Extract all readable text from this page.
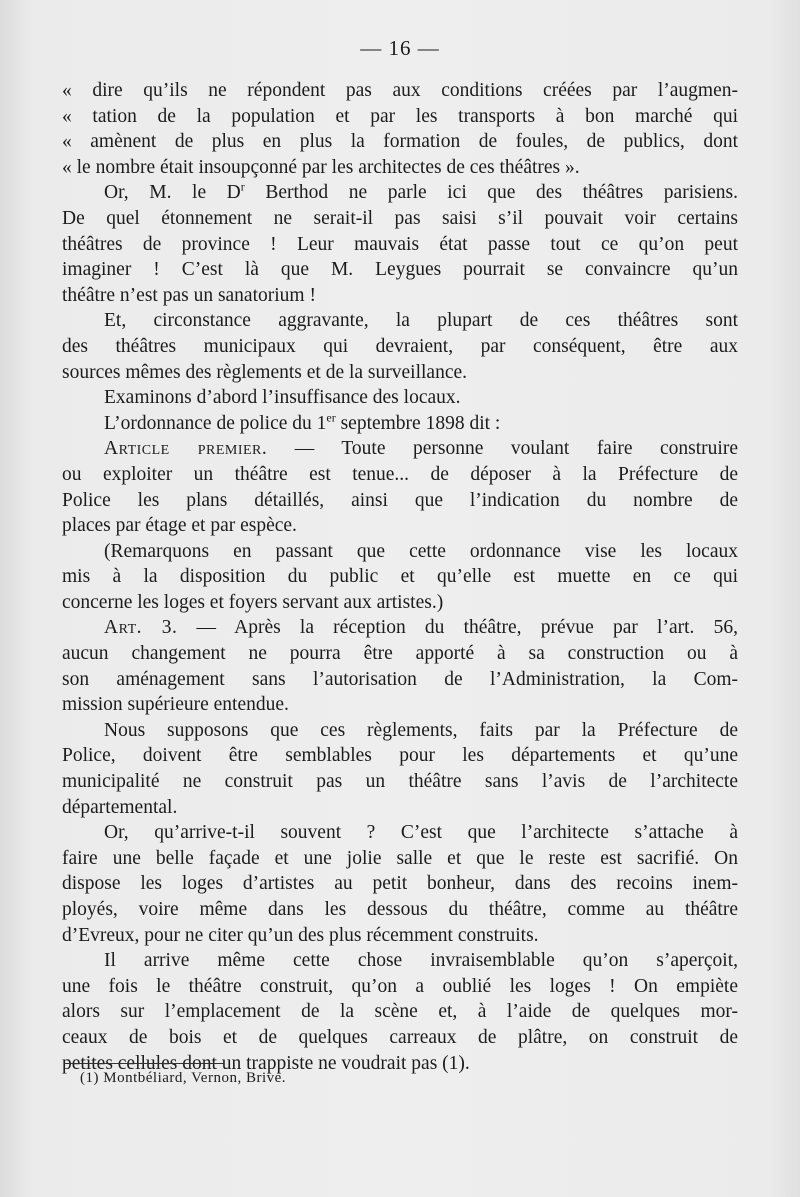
— 16 —
« dire qu’ils ne répondent pas aux conditions créées par l’augmen-
« tation de la population et par les transports à bon marché qui
« amènent de plus en plus la formation de foules, de publics, dont
« le nombre était insoupçonné par les architectes de ces théâtres ».
Or, M. le $D^r$ Berthod ne parle ici que des théâtres parisiens.
De quel étonnement ne serait-il pas saisi s’il pouvait voir certains
théâtres de province ! Leur mauvais état passe tout ce qu’on peut
imaginer ! C’est là que M. Leygues pourrait se convaincre qu’un
théâtre n’est pas un sanatorium !
Et, circonstance aggravante, la plupart de ces théâtres sont
des théâtres municipaux qui devraient, par conséquent, être aux
sources mêmes des règlements et de la surveillance.
Examinons d’abord l’insuffisance des locaux.
L’ordonnance de police du 1er septembre 1898 dit :
Article premier. — Toute personne voulant faire construire
ou exploiter un théâtre est tenue... de déposer à la Préfecture de
Police les plans détaillés, ainsi que l’indication du nombre de
places par étage et par espèce.
(Remarquons en passant que cette ordonnance vise les locaux
mis à la disposition du public et qu’elle est muette en ce qui
concerne les loges et foyers servant aux artistes.)
Art. 3. — Après la réception du théâtre, prévue par l’art. 56,
aucun changement ne pourra être apporté à sa construction ou à
son aménagement sans l’autorisation de l’Administration, la Com-
mission supérieure entendue.
Nous supposons que ces règlements, faits par la Préfecture de
Police, doivent être semblables pour les départements et qu’une
municipalité ne construit pas un théâtre sans l’avis de l’architecte
départemental.
Or, qu’arrive-t-il souvent ? C’est que l’architecte s’attache à
faire une belle façade et une jolie salle et que le reste est sacrifié. On
dispose les loges d’artistes au petit bonheur, dans des recoins inem-
ployés, voire même dans les dessous du théâtre, comme au théâtre
d’Evreux, pour ne citer qu’un des plus récemment construits.
Il arrive même cette chose invraisemblable qu’on s’aperçoit,
une fois le théâtre construit, qu’on a oublié les loges ! On empiète
alors sur l’emplacement de la scène et, à l’aide de quelques mor-
ceaux de bois et de quelques carreaux de plâtre, on construit de
petites cellules dont un trappiste ne voudrait pas (1).
(1) Montbéliard, Vernon, Brive.
